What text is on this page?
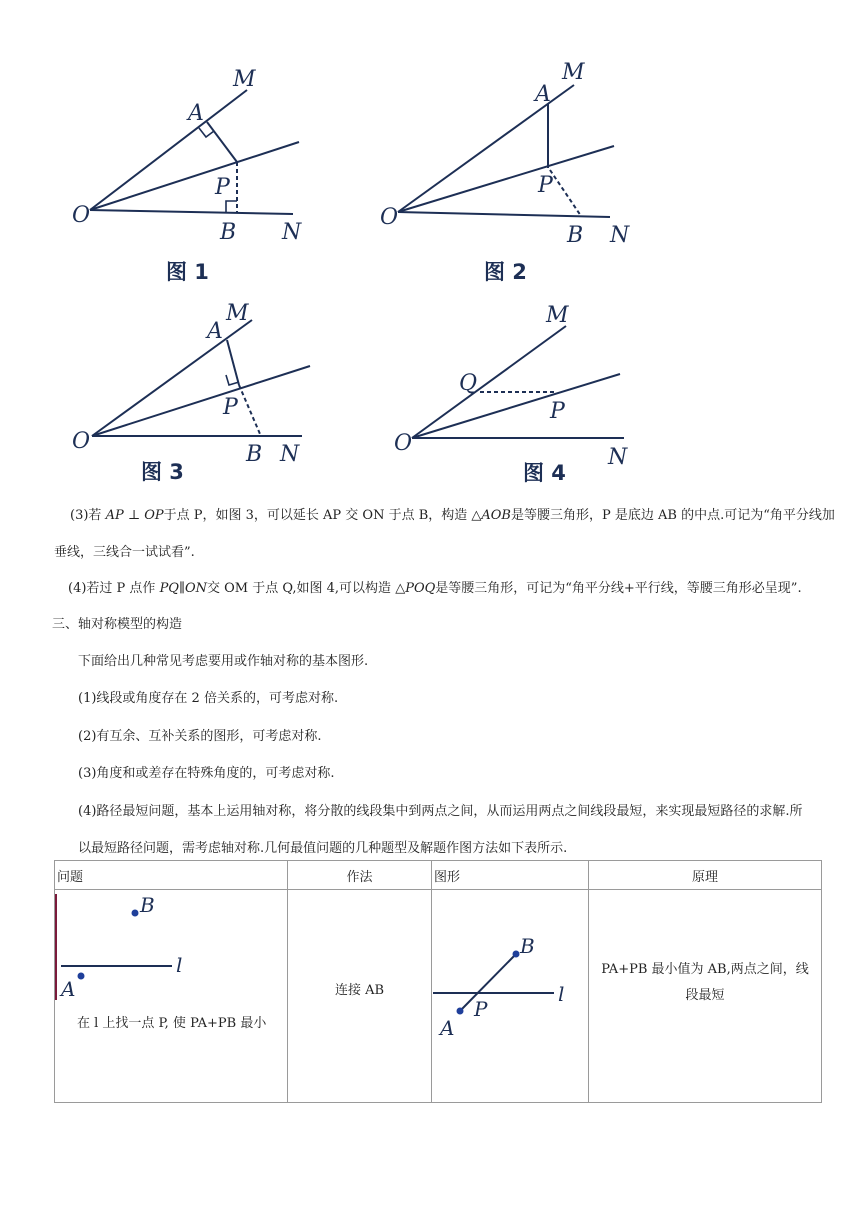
M
A
P
O
B N
图 1
M
A
P
O
B N
图 2
M
A
P
O
B N
图 3
M
Q
P
O
N
图 4
(3)若 AP ⊥ OP于点 P，如图 3，可以延长 AP 交 ON 于点 B，构造 △AOB是等腰三角形，P 是底边 AB 的中点.可记为“角平分线加
垂线，三线合一试试看”.
(4)若过 P 点作 PQ∥ON交 OM 于点 Q,如图 4,可以构造 △POQ是等腰三角形，可记为“角平分线+平行线，等腰三角形必呈现”.
三、轴对称模型的构造
下面给出几种常见考虑要用或作轴对称的基本图形.
(1)线段或角度存在 2 倍关系的，可考虑对称.
(2)有互余、互补关系的图形，可考虑对称.
(3)角度和或差存在特殊角度的，可考虑对称.
(4)路径最短问题，基本上运用轴对称，将分散的线段集中到两点之间，从而运用两点之间线段最短，来实现最短路径的求解.所
以最短路径问题，需考虑轴对称.几何最值问题的几种题型及解题作图方法如下表所示.
问题	作法	图形	原理

B
A
l
在 l 上找一点 P, 使 PA+PB 最小	连接 AB	B
A
P
l	PA+PB 最小值为 AB,两点之间，线段最短
